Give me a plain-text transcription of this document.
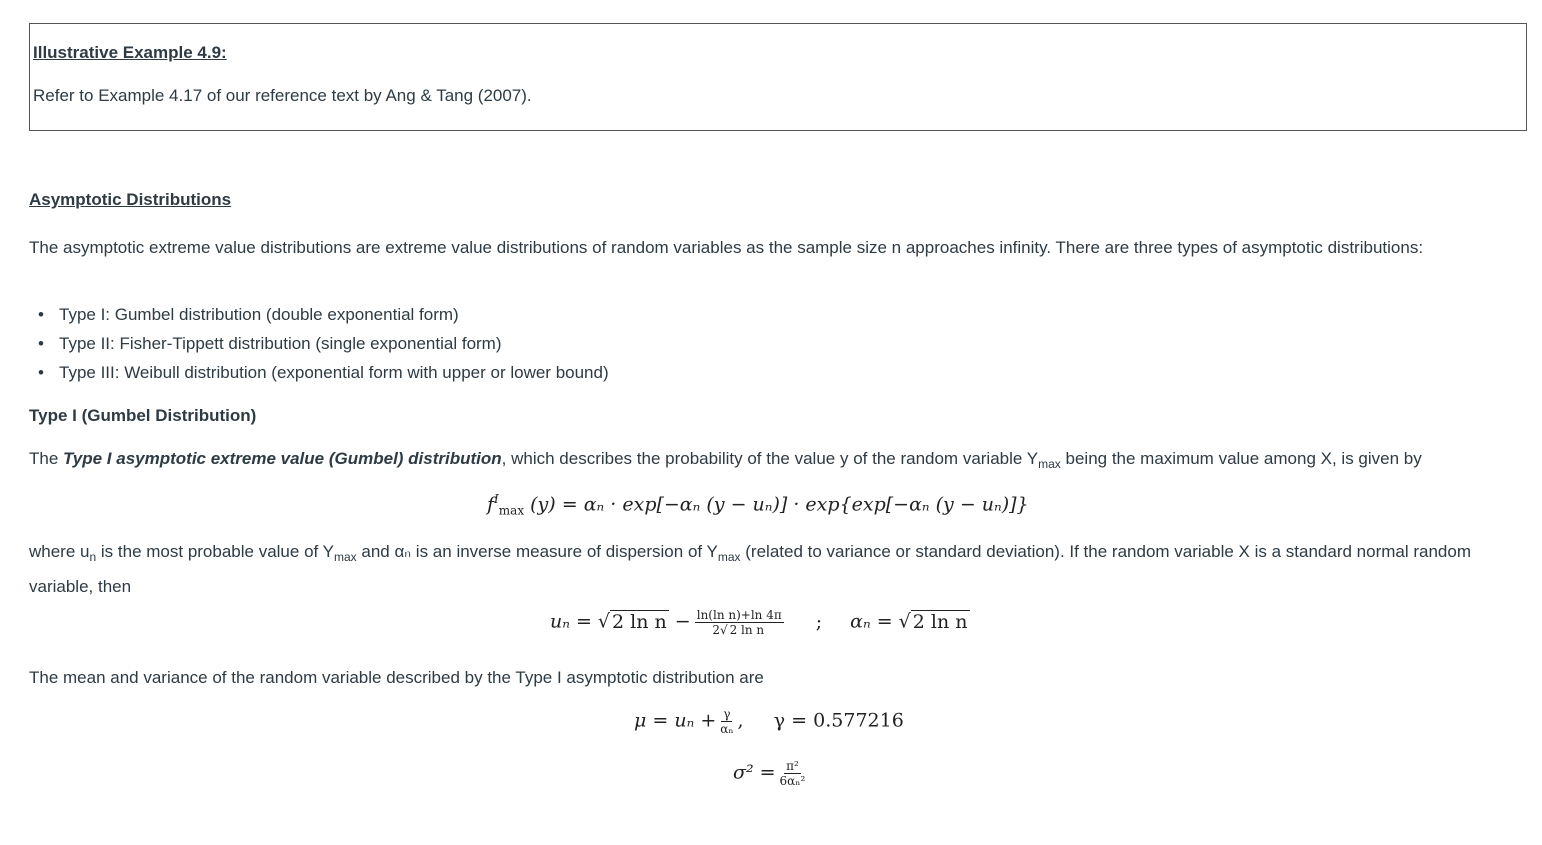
Illustrative Example 4.9:
Refer to Example 4.17 of our reference text by Ang & Tang (2007).
Asymptotic Distributions
The asymptotic extreme value distributions are extreme value distributions of random variables as the sample size n approaches infinity. There are three types of asymptotic distributions:
• Type I: Gumbel distribution (double exponential form)
• Type II: Fisher-Tippett distribution (single exponential form)
• Type III: Weibull distribution (exponential form with upper or lower bound)
Type I (Gumbel Distribution)
The Type I asymptotic extreme value (Gumbel) distribution, which describes the probability of the value y of the random variable $Y_{max}$ being the maximum value among X, is given by
$f^I_{max}$ (y) = αₙ · exp[−αₙ (y − uₙ)] · exp{exp[−αₙ (y − uₙ)]}
where $u_n$ is the most probable value of $Y_{max}$ and αₙ is an inverse measure of dispersion of $Y_{max}$ (related to variance or standard deviation). If the random variable X is a standard normal random variable, then
uₙ = √ 2 $\ln n - \frac{\text{ln(ln n)+ln 4π}}{\text{2√ 2 ln n}}$ ; αₙ = √ 2 ln n
The mean and variance of the random variable described by the Type I asymptotic distribution are
$\mu = u_n + \frac{\gamma}{\text{αₙ}}$ ,     γ = 0.577216
$\sigma^2 = \frac{\text{π²}}{\text{6αₙ²}}$
